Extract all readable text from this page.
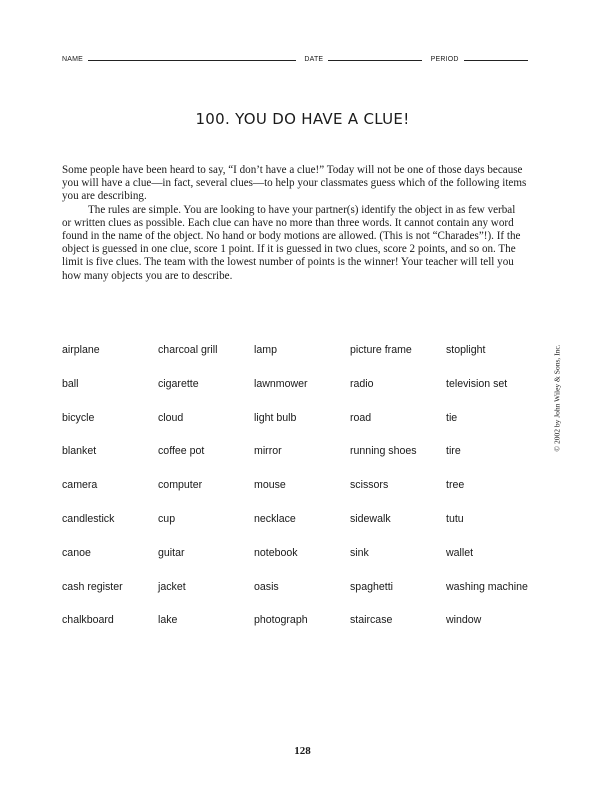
NAME	DATE	PERIOD
100. YOU DO HAVE A CLUE!

Some people have been heard to say, “I don’t have a clue!” Today will not be one of those days because you will have a clue—in fact, several clues—to help your classmates guess which of the following items you are describing.

The rules are simple. You are looking to have your partner(s) identify the object in as few verbal or written clues as possible. Each clue can have no more than three words. It cannot contain any word found in the name of the object. No hand or body motions are allowed. (This is not “Charades”!). If the object is guessed in one clue, score 1 point. If it is guessed in two clues, score 2 points, and so on. The limit is five clues. The team with the lowest number of points is the winner! Your teacher will tell you how many objects you are to describe.

airplane	charcoal grill	lamp	picture frame	stoplight
ball	cigarette	lawnmower	radio	television set
bicycle	cloud	light bulb	road	tie
blanket	coffee pot	mirror	running shoes	tire
camera	computer	mouse	scissors	tree
candlestick	cup	necklace	sidewalk	tutu
canoe	guitar	notebook	sink	wallet
cash register	jacket	oasis	spaghetti	washing machine
chalkboard	lake	photograph	staircase	window
© 2002 by John Wiley & Sons, Inc.
128
